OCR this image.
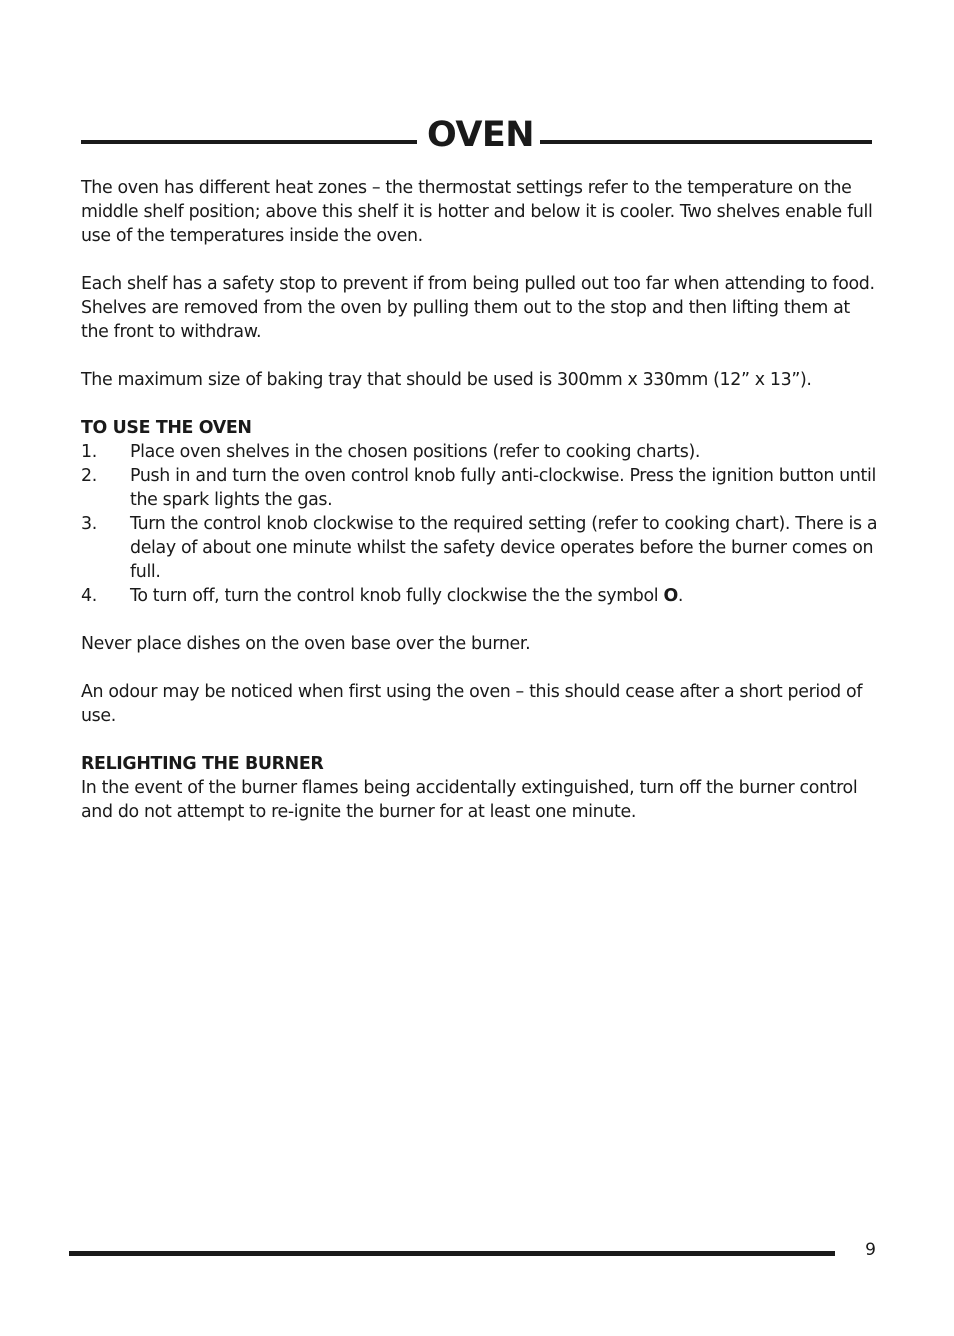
OVEN

The oven has different heat zones – the thermostat settings refer to the temperature on the middle shelf position; above this shelf it is hotter and below it is cooler. Two shelves enable full use of the temperatures inside the oven.

Each shelf has a safety stop to prevent if from being pulled out too far when attending to food. Shelves are removed from the oven by pulling them out to the stop and then lifting them at the front to withdraw.

The maximum size of baking tray that should be used is 300mm x 330mm (12” x 13”).

TO USE THE OVEN
1. Place oven shelves in the chosen positions (refer to cooking charts).
2. Push in and turn the oven control knob fully anti-clockwise. Press the ignition button until the spark lights the gas.
3. Turn the control knob clockwise to the required setting (refer to cooking chart). There is a delay of about one minute whilst the safety device operates before the burner comes on full.
4. To turn off, turn the control knob fully clockwise the the symbol O.

Never place dishes on the oven base over the burner.

An odour may be noticed when first using the oven – this should cease after a short period of use.

RELIGHTING THE BURNER

In the event of the burner flames being accidentally extinguished, turn off the burner control and do not attempt to re-ignite the burner for at least one minute.

9
